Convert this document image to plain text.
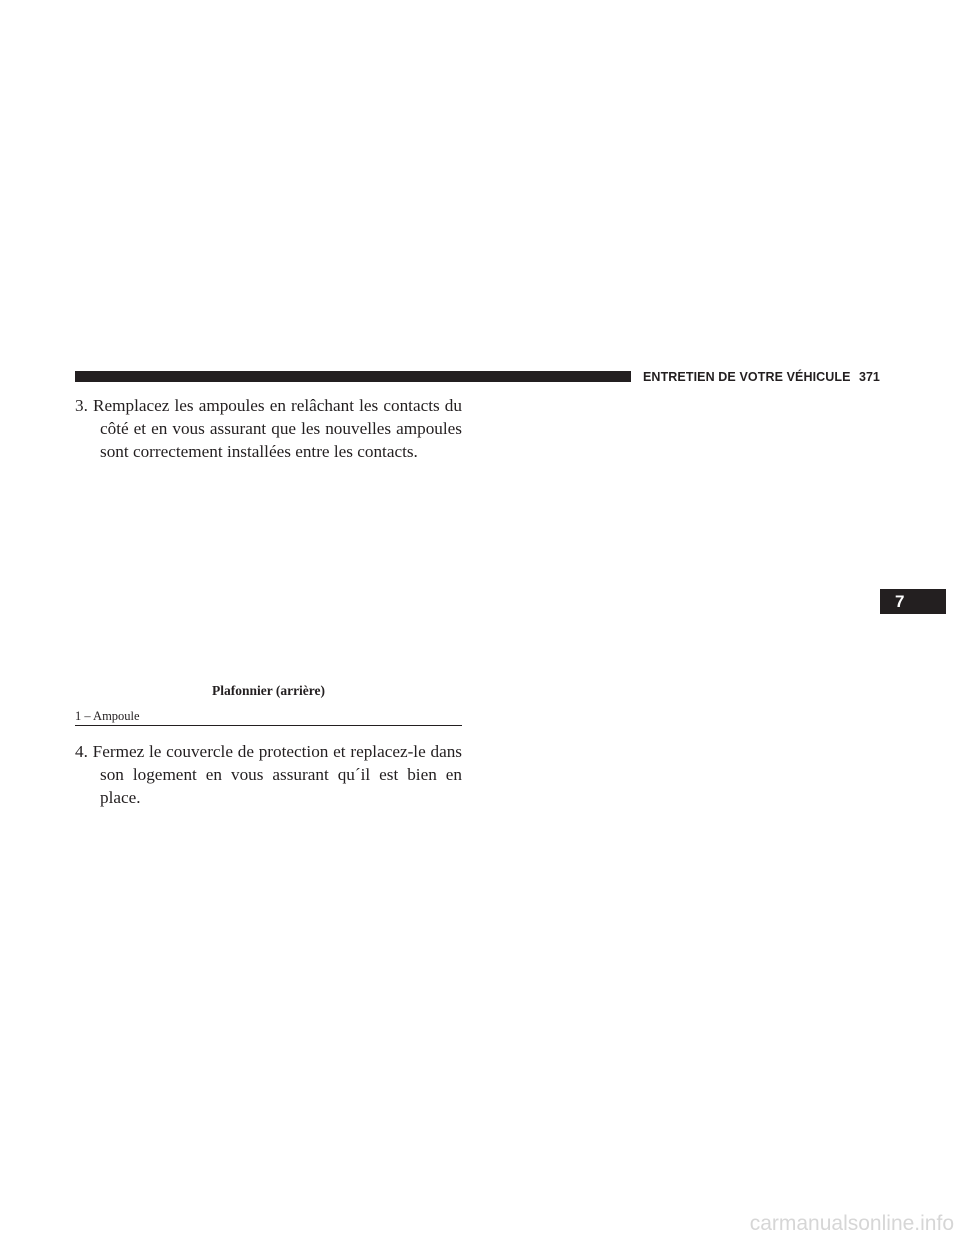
ENTRETIEN DE VOTRE VÉHICULE 371
3. Remplacez les ampoules en relâchant les contacts du
côté et en vous assurant que les nouvelles ampoules
sont correctement installées entre les contacts.
Plafonnier (arrière)
1 – Ampoule
4. Fermez le couvercle de protection et replacez-le dans
son logement en vous assurant qu´il est bien en place.
7
carmanualsonline.info
